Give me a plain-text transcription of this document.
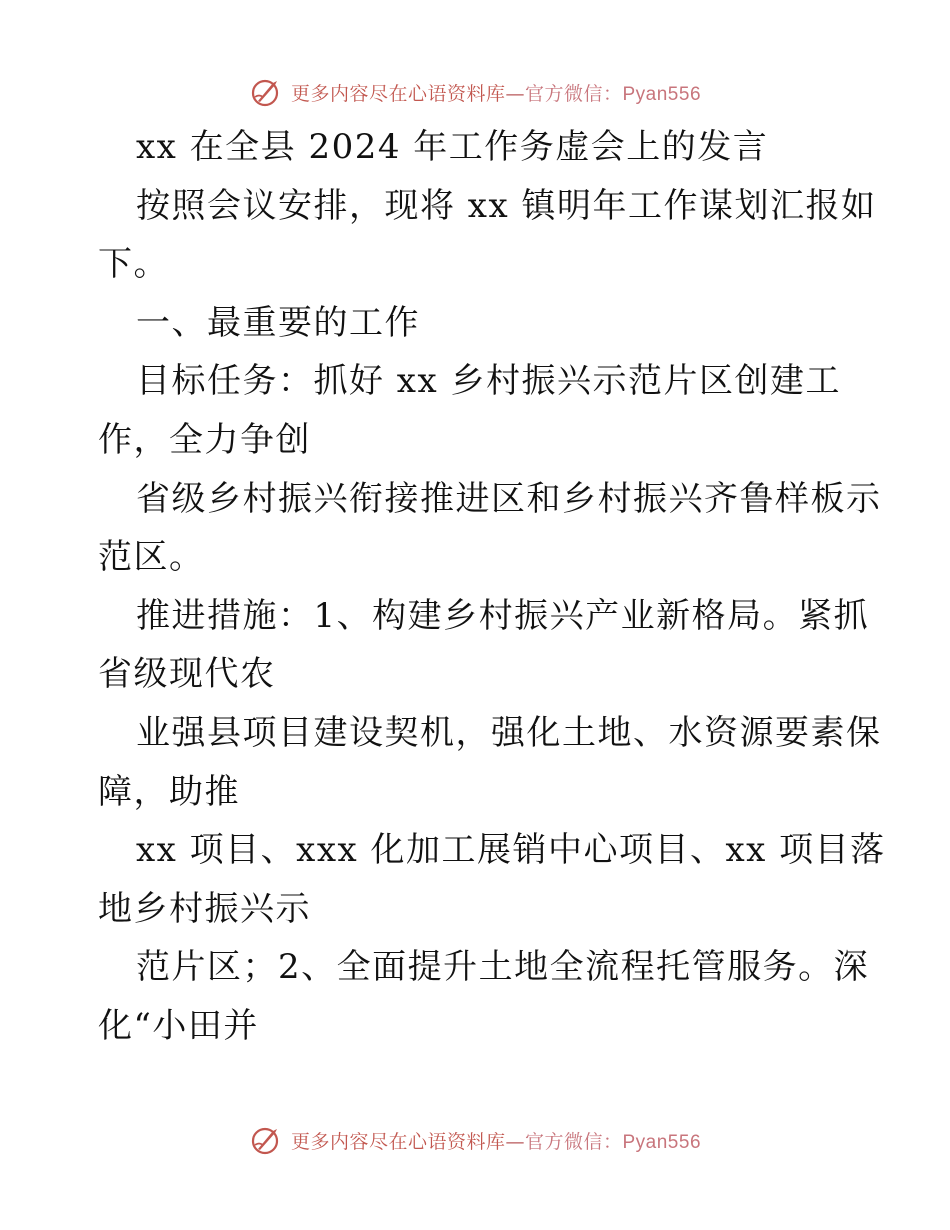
更多内容尽在心语资料库—官方微信：Pyan556
xx 在全县 2024 年工作务虚会上的发言
按照会议安排，现将 xx 镇明年工作谋划汇报如
下。
一、最重要的工作
目标任务：抓好 xx 乡村振兴示范片区创建工
作，全力争创
省级乡村振兴衔接推进区和乡村振兴齐鲁样板示
范区。
推进措施：1、构建乡村振兴产业新格局。紧抓
省级现代农
业强县项目建设契机，强化土地、水资源要素保
障，助推
xx 项目、xxx 化加工展销中心项目、xx 项目落
地乡村振兴示
范片区；2、全面提升土地全流程托管服务。深
化“小田并
更多内容尽在心语资料库—官方微信：Pyan556
